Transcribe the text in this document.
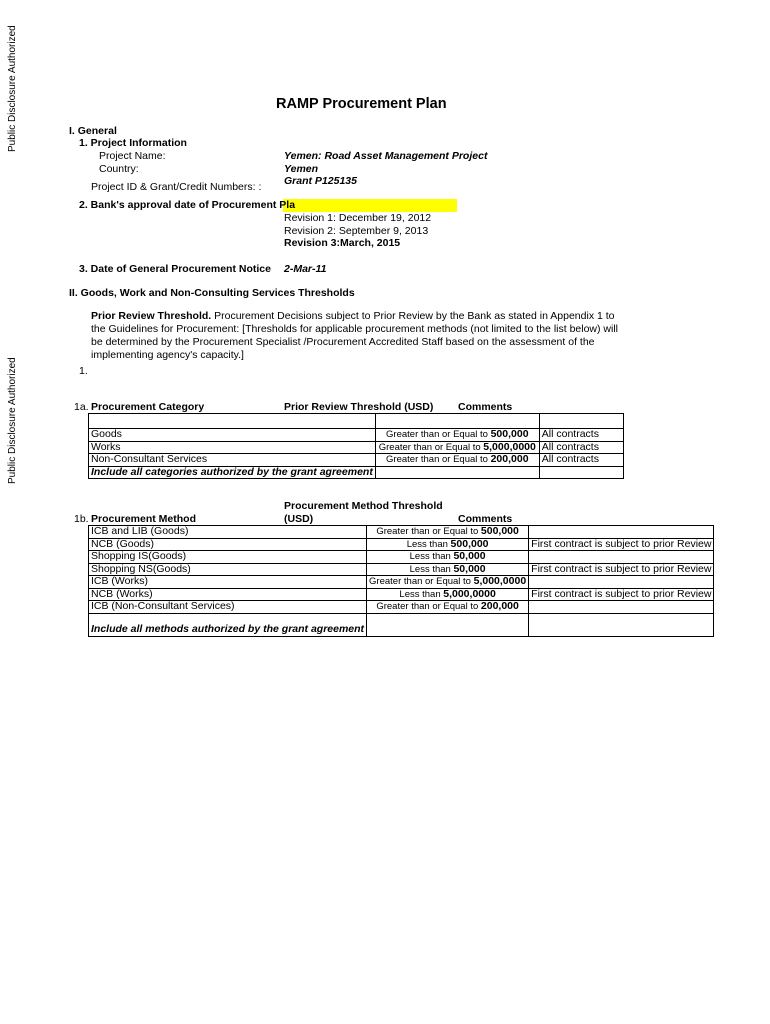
Public Disclosure Authorized
Public Disclosure Authorized
RAMP Procurement Plan
I. General
1. Project Information
Project Name:	Yemen: Road Asset Management Project
Country:	Yemen
Grant P125135
Project ID & Grant/Credit Numbers: :
2. Bank's approval date of Procurement Pla
Revision 1: December 19, 2012
Revision 2: September 9, 2013
Revision 3:March, 2015
3. Date of General Procurement Notice 2-Mar-11
II. Goods, Work and Non-Consulting Services Thresholds
Prior Review Threshold. Procurement Decisions subject to Prior Review by the Bank as stated in Appendix 1 to the Guidelines for Procurement: [Thresholds for applicable procurement methods (not limited to the list below) will be determined by the Procurement Specialist /Procurement Accredited Staff based on the assessment of the implementing agency's capacity.]
1.
1a. Procurement Category	Prior Review Threshold (USD) Comments

Goods	Greater than or Equal to 500,000	All contracts
Works	Greater than or Equal to 5,000,0000	All contracts
Non-Consultant Services	Greater than or Equal to 200,000	All contracts
Include all categories authorized by the grant agreement		
Procurement Method Threshold
1b. Procurement Method	(USD)	Comments
ICB and LIB (Goods)	Greater than or Equal to 500,000	
NCB (Goods)	Less than 500,000	First contract is subject to prior Review
Shopping IS(Goods)	Less than 50,000	
Shopping NS(Goods)	Less than 50,000	First contract is subject to prior Review
ICB (Works)	Greater than or Equal to 5,000,0000	
NCB (Works)	Less than 5,000,0000	First contract is subject to prior Review
ICB (Non-Consultant Services)	Greater than or Equal to 200,000	
Include all methods authorized by the grant agreement		
